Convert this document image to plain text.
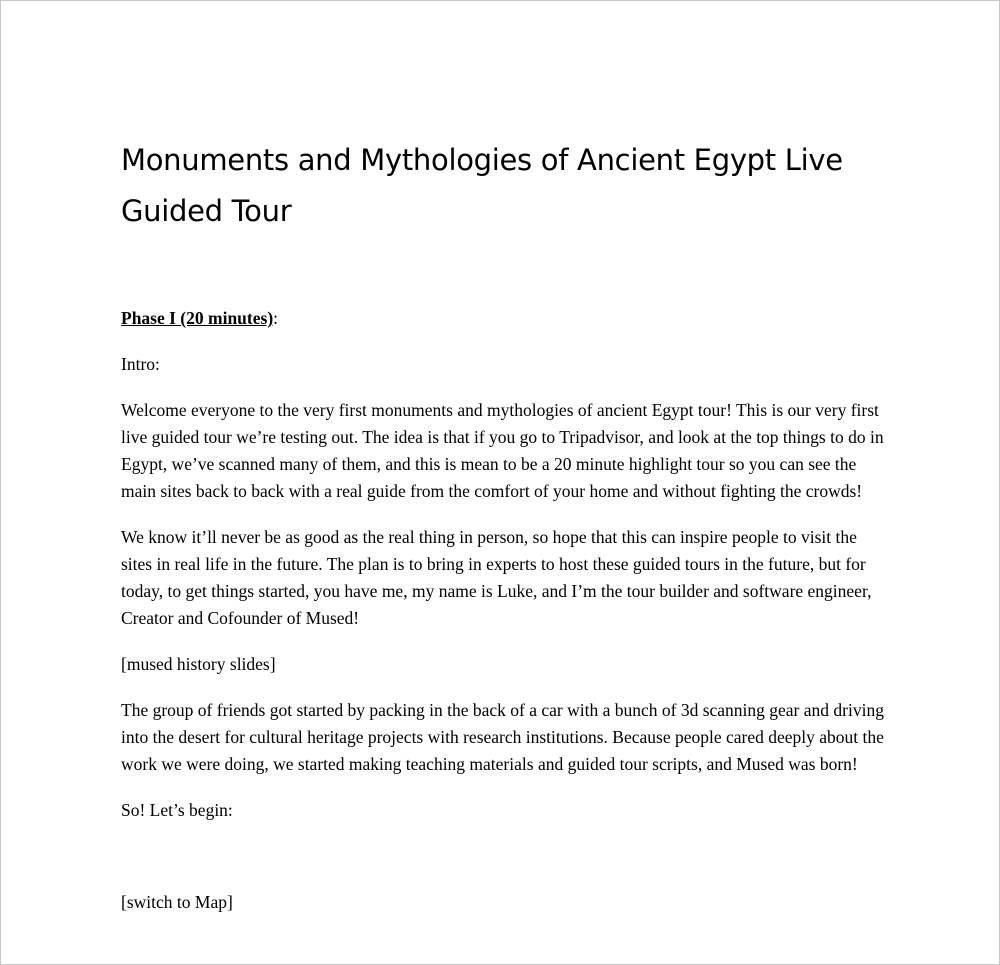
Monuments and Mythologies of Ancient Egypt Live Guided Tour

Phase I (20 minutes):

Intro:

Welcome everyone to the very first monuments and mythologies of ancient Egypt tour! This is our very first live guided tour we’re testing out. The idea is that if you go to Tripadvisor, and look at the top things to do in Egypt, we’ve scanned many of them, and this is mean to be a 20 minute highlight tour so you can see the main sites back to back with a real guide from the comfort of your home and without fighting the crowds!

We know it’ll never be as good as the real thing in person, so hope that this can inspire people to visit the sites in real life in the future. The plan is to bring in experts to host these guided tours in the future, but for today, to get things started, you have me, my name is Luke, and I’m the tour builder and software engineer, Creator and Cofounder of Mused!

[mused history slides]

The group of friends got started by packing in the back of a car with a bunch of 3d scanning gear and driving into the desert for cultural heritage projects with research institutions. Because people cared deeply about the work we were doing, we started making teaching materials and guided tour scripts, and Mused was born!

So! Let’s begin:

[switch to Map]
